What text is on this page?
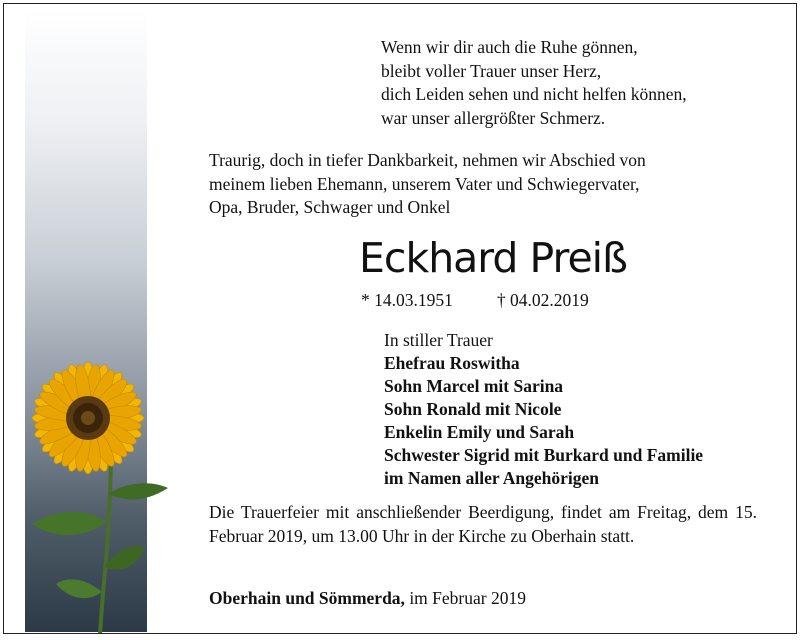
Wenn wir dir auch die Ruhe gönnen,
bleibt voller Trauer unser Herz,
dich Leiden sehen und nicht helfen können,
war unser allergrößter Schmerz.
Traurig, doch in tiefer Dankbarkeit, nehmen wir Abschied von
meinem lieben Ehemann, unserem Vater und Schwiegervater,
Opa, Bruder, Schwager und Onkel
Eckhard Preiß
* 14.03.1951	† 04.02.2019
In stiller Trauer
Ehefrau Roswitha
Sohn Marcel mit Sarina
Sohn Ronald mit Nicole
Enkelin Emily und Sarah
Schwester Sigrid mit Burkard und Familie
im Namen aller Angehörigen
Die Trauerfeier mit anschließender Beerdigung, findet am Freitag, dem 15. Februar 2019, um 13.00 Uhr in der Kirche zu Oberhain statt.
Oberhain und Sömmerda, im Februar 2019
